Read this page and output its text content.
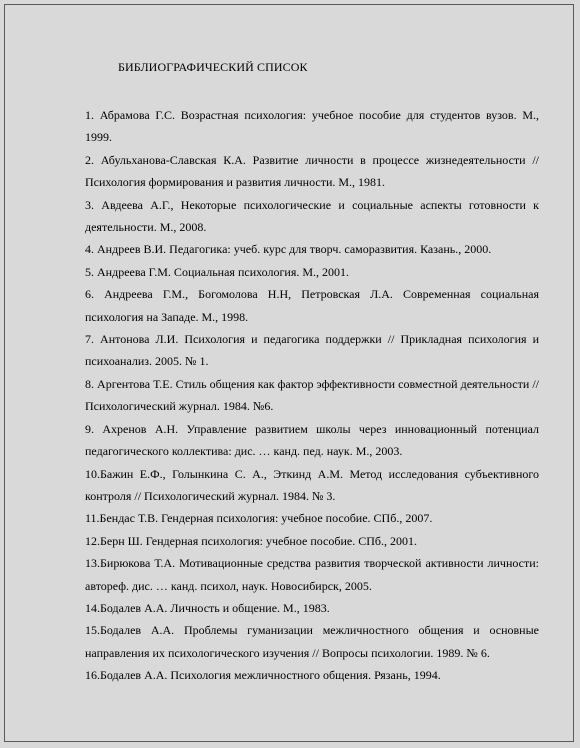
БИБЛИОГРАФИЧЕСКИЙ СПИСОК
1. Абрамова Г.С. Возрастная психология: учебное пособие для студентов вузов. М., 1999.
2. Абульханова-Славская К.А. Развитие личности в процессе жизнедеятельности // Психология формирования и развития личности. М., 1981.
3. Авдеева А.Г., Некоторые психологические и социальные аспекты готовности к деятельности. М., 2008.
4. Андреев В.И. Педагогика: учеб. курс для творч. саморазвития. Казань., 2000.
5. Андреева Г.М. Социальная психология. М., 2001.
6. Андреева Г.М., Богомолова Н.Н, Петровская Л.А. Современная социальная психология на Западе. М., 1998.
7. Антонова Л.И. Психология и педагогика поддержки // Прикладная психология и психоанализ. 2005. № 1.
8. Аргентова Т.Е. Стиль общения как фактор эффективности совместной деятельности // Психологический журнал. 1984. №6.
9. Ахренов А.Н. Управление развитием школы через инновационный потенциал педагогического коллектива: дис. … канд. пед. наук. М., 2003.
10.Бажин Е.Ф., Голынкина С. А., Эткинд А.М. Метод исследования субъективного контроля // Психологический журнал. 1984. № 3.
11.Бендас Т.В. Гендерная психология: учебное пособие. СПб., 2007.
12.Берн Ш. Гендерная психология: учебное пособие. СПб., 2001.
13.Бирюкова Т.А. Мотивационные средства развития творческой активности личности: автореф. дис. … канд. психол, наук. Новосибирск, 2005.
14.Бодалев А.А. Личность и общение. М., 1983.
15.Бодалев А.А. Проблемы гуманизации межличностного общения и основные направления их психологического изучения // Вопросы психологии. 1989. № 6.
16.Бодалев А.А. Психология межличностного общения. Рязань, 1994.
